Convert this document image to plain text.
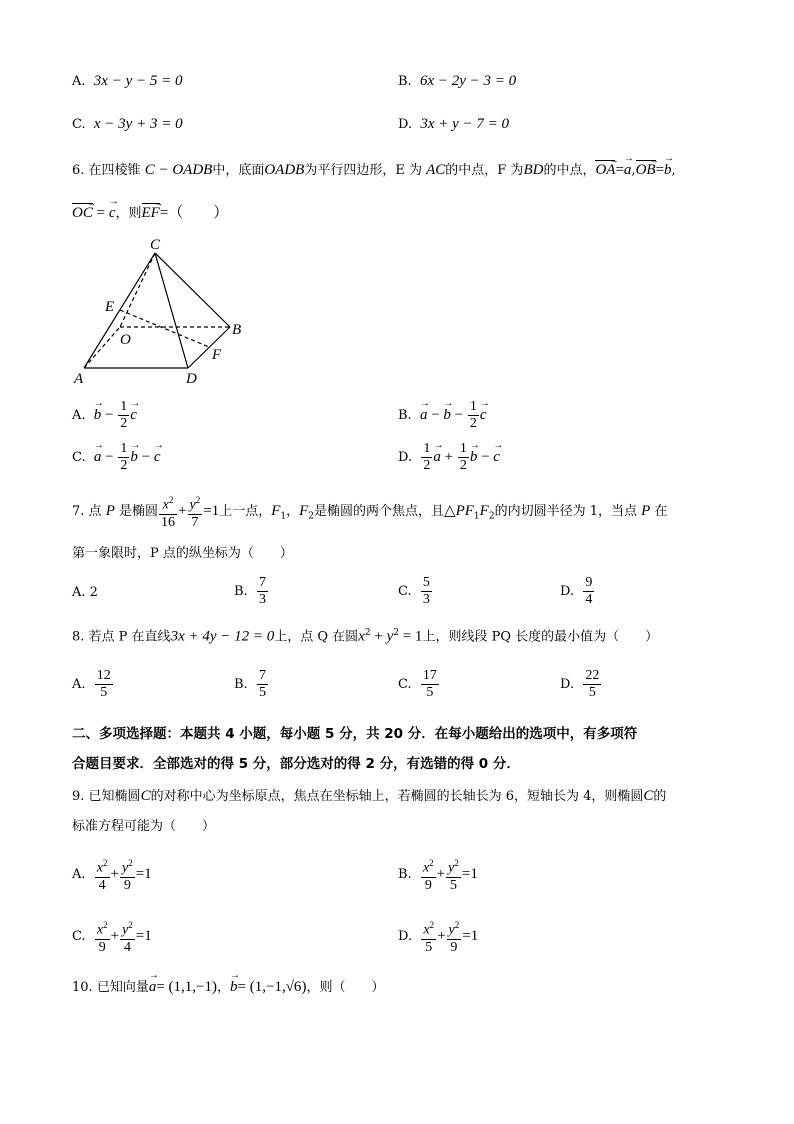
A. 3x − y − 5 = 0	B. 6x − 2y − 3 = 0
C. x − 3y + 3 = 0	D. 3x + y − 7 = 0
6. 在四棱锥 C − OADB中，底面OADB为平行四边形，E 为 AC的中点，F 为BD的中点，OA →=→ a,OB →=→ b,
OC → = → c，则EF →=（　　）
C
E
B
O
F
A	D
A.  → $b - \frac{1}{2}$
→ c	B.  → a − → $b - \frac{1}{2}$
→ c
C.  → $a - \frac{1}{2}$
→ b − → c	D. $\frac{1}{2}$
→ $a + \frac{1}{2}$
→ b − → c
7. 点 P 是椭圆 $\frac{x^2}{16} + \frac{y^2}{7} =1$上一点，$F_1$，$F_2$是椭圆的两个焦点，且$\triangle PF_1F_2$的内切圆半径为 1，当点 P 在
第一象限时，P 点的纵坐标为（　　）
A. 2	B. $\frac{7}{3}$	C. $\frac{5}{3}$	D. $\frac{9}{4}$
8. 若点 P 在直线3x + 4y − 12 = 0上，点 Q 在圆$x^2 + y^2 = 1$上，则线段 PQ 长度的最小值为（　　）
A. $\frac{12}{5}$	B. $\frac{7}{5}$	C. $\frac{17}{5}$	D. $\frac{22}{5}$
二、多项选择题：本题共 4 小题，每小题 5 分，共 20 分．在每小题给出的选项中，有多项符
合题目要求．全部选对的得 5 分，部分选对的得 2 分，有选错的得 0 分．
9. 已知椭圆C的对称中心为坐标原点，焦点在坐标轴上，若椭圆的长轴长为 6，短轴长为 4，则椭圆C的
标准方程可能为（　　）
A. $\frac{x^2}{4} + \frac{y^2}{9} =1$	B. $\frac{x^2}{9} + \frac{y^2}{5} =1$
C. $\frac{x^2}{9} + \frac{y^2}{4} =1$	D. $\frac{x^2}{5} + \frac{y^2}{9} =1$
10. 已知向量→ a= (1,1,−1)，→ b= (1,−1,√6)，则（　　）
